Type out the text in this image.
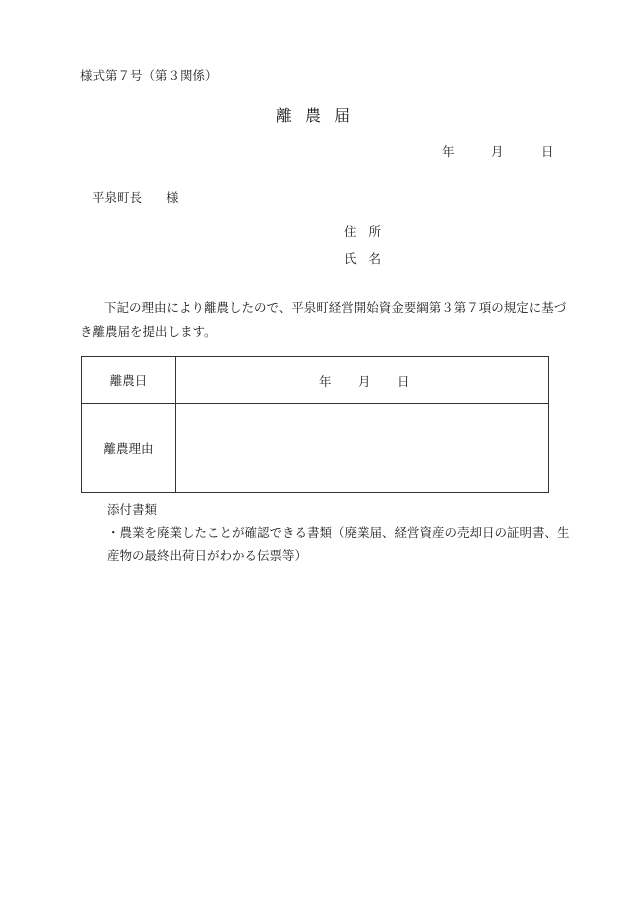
様式第７号（第３関係）
離 農 届
年	月	日
平泉町長 様
住所
氏名
下記の理由により離農したので、平泉町経営開始資金要綱第３第７項の規定に基づ
き離農届を提出します。
離農日	年 月 日

離農理由	
添付書類
・農業を廃業したことが確認できる書類（廃業届、経営資産の売却日の証明書、生
産物の最終出荷日がわかる伝票等）
